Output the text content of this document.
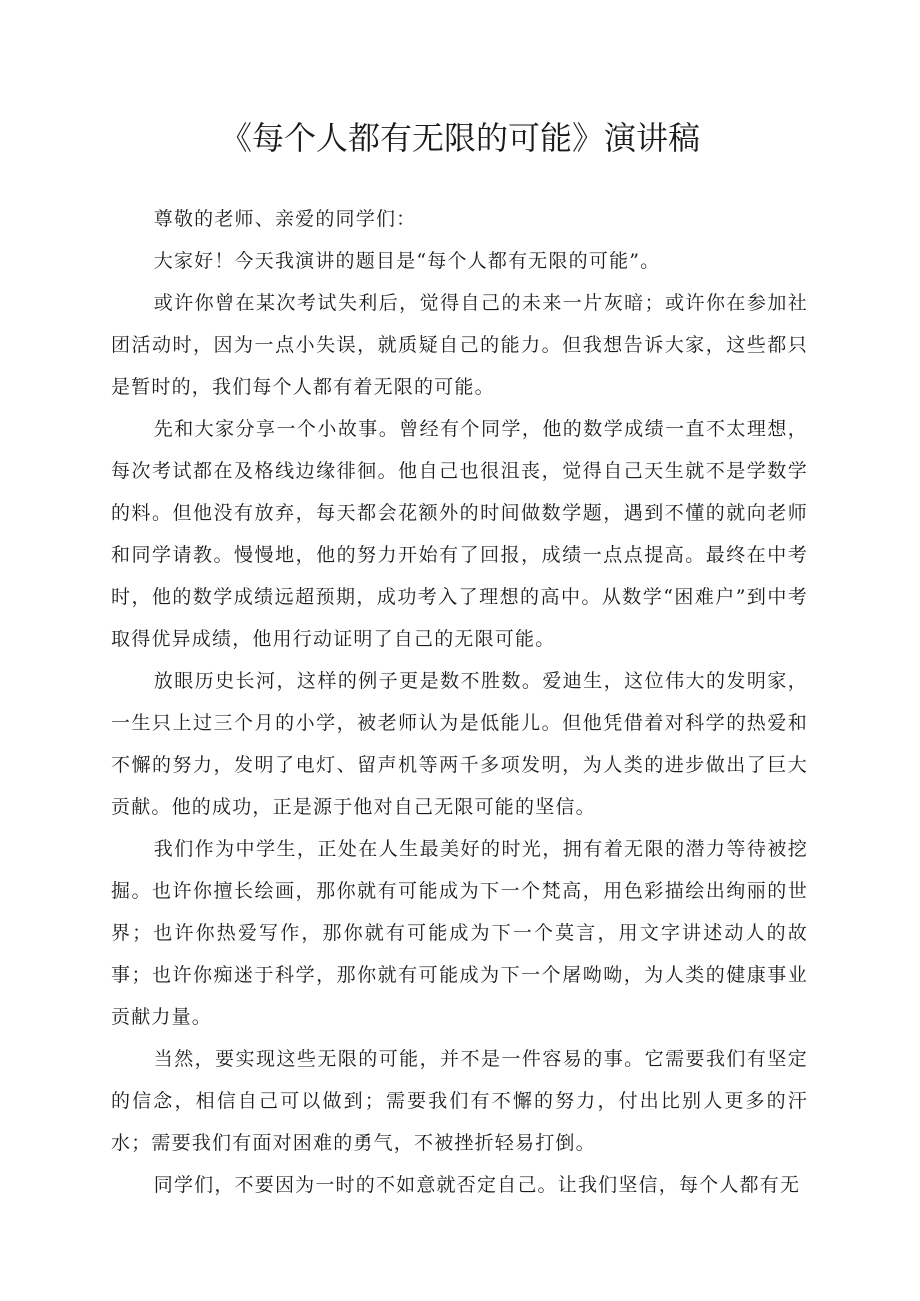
《每个人都有无限的可能》演讲稿

尊敬的老师、亲爱的同学们：

大家好！今天我演讲的题目是“每个人都有无限的可能”。

或许你曾在某次考试失利后，觉得自己的未来一片灰暗；或许你在参加社团活动时，因为一点小失误，就质疑自己的能力。但我想告诉大家，这些都只是暂时的，我们每个人都有着无限的可能。

先和大家分享一个小故事。曾经有个同学，他的数学成绩一直不太理想，每次考试都在及格线边缘徘徊。他自己也很沮丧，觉得自己天生就不是学数学的料。但他没有放弃，每天都会花额外的时间做数学题，遇到不懂的就向老师和同学请教。慢慢地，他的努力开始有了回报，成绩一点点提高。最终在中考时，他的数学成绩远超预期，成功考入了理想的高中。从数学“困难户”到中考取得优异成绩，他用行动证明了自己的无限可能。

放眼历史长河，这样的例子更是数不胜数。爱迪生，这位伟大的发明家，一生只上过三个月的小学，被老师认为是低能儿。但他凭借着对科学的热爱和不懈的努力，发明了电灯、留声机等两千多项发明，为人类的进步做出了巨大贡献。他的成功，正是源于他对自己无限可能的坚信。

我们作为中学生，正处在人生最美好的时光，拥有着无限的潜力等待被挖掘。也许你擅长绘画，那你就有可能成为下一个梵高，用色彩描绘出绚丽的世界；也许你热爱写作，那你就有可能成为下一个莫言，用文字讲述动人的故事；也许你痴迷于科学，那你就有可能成为下一个屠呦呦，为人类的健康事业贡献力量。

当然，要实现这些无限的可能，并不是一件容易的事。它需要我们有坚定的信念，相信自己可以做到；需要我们有不懈的努力，付出比别人更多的汗水；需要我们有面对困难的勇气，不被挫折轻易打倒。

同学们，不要因为一时的不如意就否定自己。让我们坚信，每个人都有无
